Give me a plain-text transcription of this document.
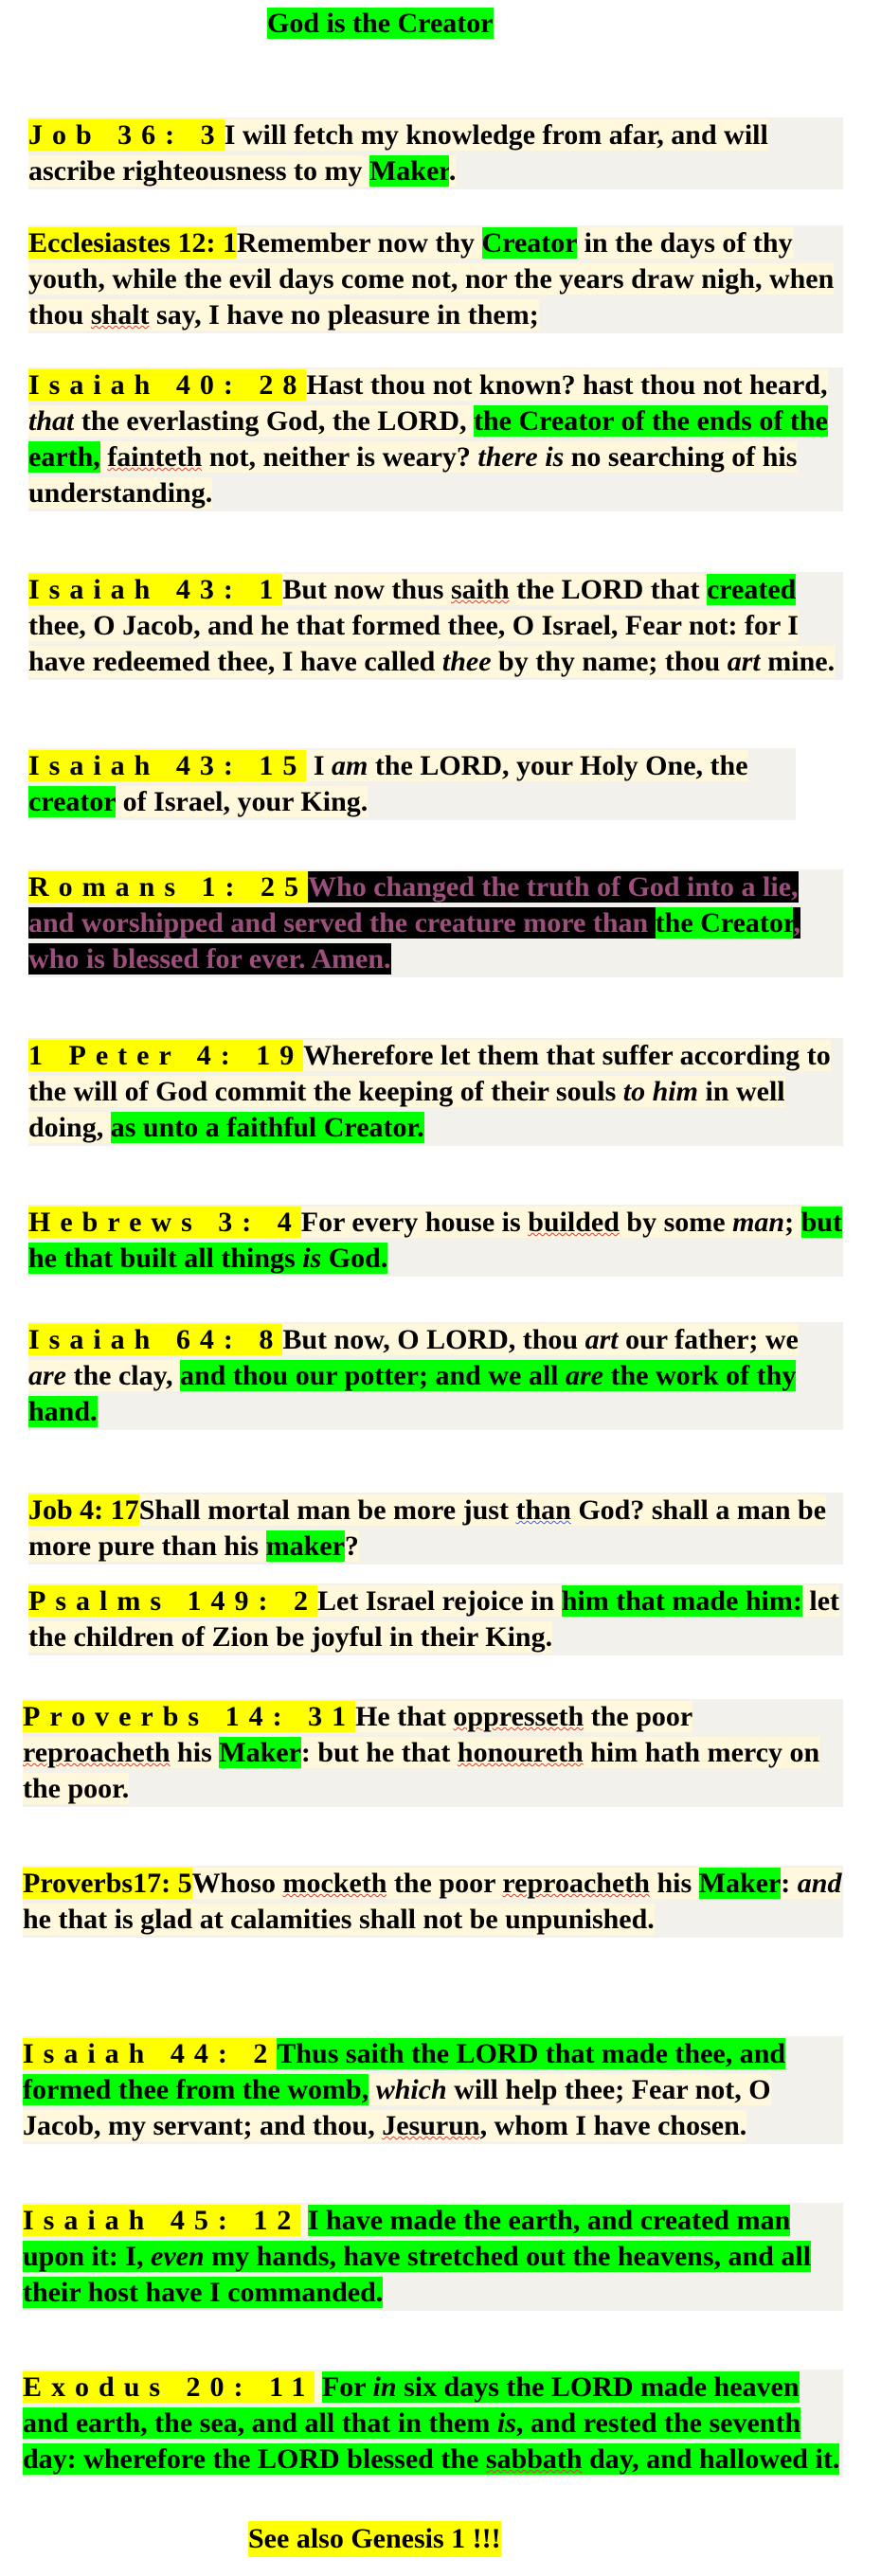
God is the Creator
Job 36: 3I will fetch my knowledge from afar, and will ascribe righteousness to my Maker.
Ecclesiastes 12: 1Remember now thy Creator in the days of thy youth, while the evil days come not, nor the years draw nigh, when thou shalt say, I have no pleasure in them;
Isaiah 40: 28Hast thou not known? hast thou not heard, that the everlasting God, the LORD, the Creator of the ends of the earth, fainteth not, neither is weary? there is no searching of his understanding.
Isaiah 43: 1But now thus saith the LORD that created thee, O Jacob, and he that formed thee, O Israel, Fear not: for I have redeemed thee, I have called thee by thy name; thou art mine.
Isaiah 43: 15 I am the LORD, your Holy One, the creator of Israel, your King.
Romans 1: 25Who changed the truth of God into a lie, and worshipped and served the creature more than the Creator, who is blessed for ever. Amen.
1 Peter 4: 19Wherefore let them that suffer according to the will of God commit the keeping of their souls to him in well doing, as unto a faithful Creator.
Hebrews 3: 4For every house is builded by some man; but he that built all things is God.
Isaiah 64: 8But now, O LORD, thou art our father; we are the clay, and thou our potter; and we all are the work of thy hand.
Job 4: 17Shall mortal man be more just than God? shall a man be more pure than his maker?
Psalms 149: 2Let Israel rejoice in him that made him: let the children of Zion be joyful in their King.
Proverbs 14: 31He that oppresseth the poor reproacheth his Maker: but he that honoureth him hath mercy on the poor.
Proverbs17: 5Whoso mocketh the poor reproacheth his Maker: and he that is glad at calamities shall not be unpunished.
Isaiah 44: 2Thus saith the LORD that made thee, and formed thee from the womb, which will help thee; Fear not, O Jacob, my servant; and thou, Jesurun, whom I have chosen.
Isaiah 45: 12 I have made the earth, and created man upon it: I, even my hands, have stretched out the heavens, and all their host have I commanded.
Exodus 20: 11 For in six days the LORD made heaven and earth, the sea, and all that in them is, and rested the seventh day: wherefore the LORD blessed the sabbath day, and hallowed it.
See also Genesis 1 !!!
